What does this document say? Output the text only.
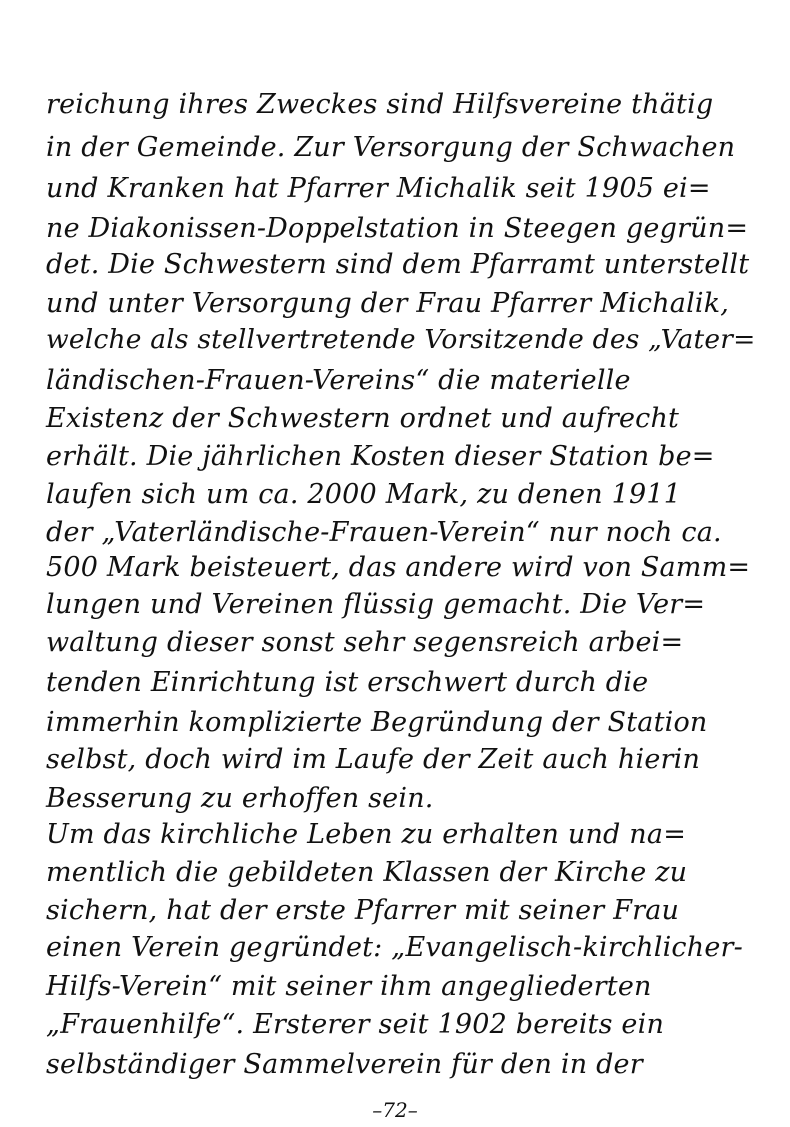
reichung ihres Zweckes sind Hilfsvereine thätig
in der Gemeinde. Zur Versorgung der Schwachen
und Kranken hat Pfarrer Michalik seit 1905 ei=
ne Diakonissen-Doppelstation in Steegen gegrün=
det. Die Schwestern sind dem Pfarramt unterstellt
und unter Versorgung der Frau Pfarrer Michalik,
welche als stellvertretende Vorsitzende des „Vater=
ländischen-Frauen-Vereins“ die materielle
Existenz der Schwestern ordnet und aufrecht
erhält. Die jährlichen Kosten dieser Station be=
laufen sich um ca. 2000 Mark, zu denen 1911
der „Vaterländische-Frauen-Verein“ nur noch ca.
500 Mark beisteuert, das andere wird von Samm=
lungen und Vereinen flüssig gemacht. Die Ver=
waltung dieser sonst sehr segensreich arbei=
tenden Einrichtung ist erschwert durch die
immerhin komplizierte Begründung der Station
selbst, doch wird im Laufe der Zeit auch hierin
Besserung zu erhoffen sein.
Um das kirchliche Leben zu erhalten und na=
mentlich die gebildeten Klassen der Kirche zu
sichern, hat der erste Pfarrer mit seiner Frau
einen Verein gegründet: „Evangelisch-kirchlicher-
Hilfs-Verein“ mit seiner ihm angegliederten
„Frauenhilfe“. Ersterer seit 1902 bereits ein
selbständiger Sammelverein für den in der
–72–
